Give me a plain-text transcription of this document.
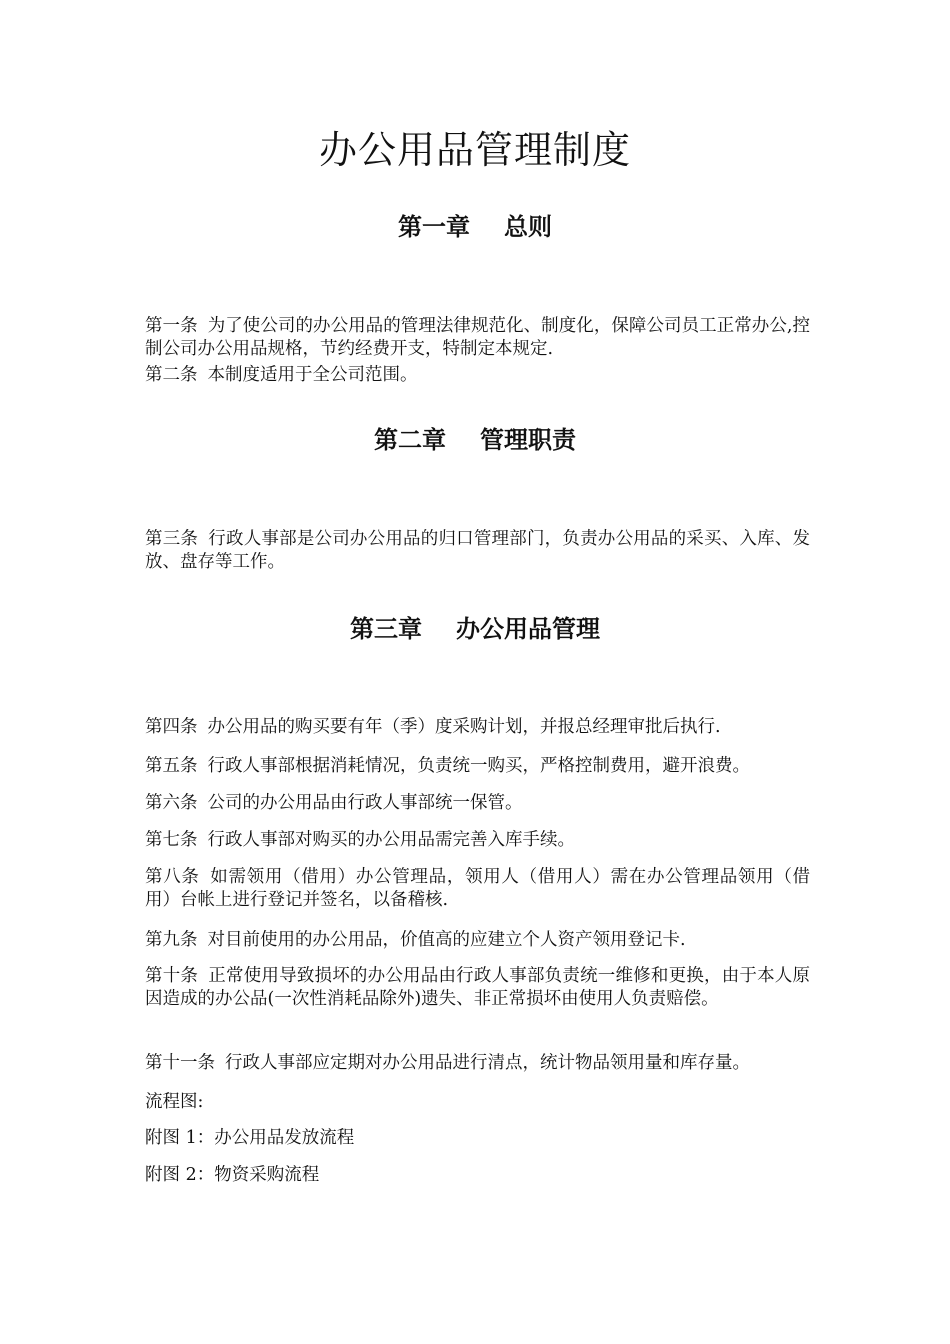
办公用品管理制度
第一章 总则

第一条 为了使公司的办公用品的管理法律规范化、制度化，保障公司员工正常办公,控制公司办公用品规格，节约经费开支，特制定本规定.

第二条 本制度适用于全公司范围。

第二章 管理职责

第三条 行政人事部是公司办公用品的归口管理部门，负责办公用品的采买、入库、发放、盘存等工作。

第三章 办公用品管理

第四条 办公用品的购买要有年（季）度采购计划，并报总经理审批后执行.

第五条 行政人事部根据消耗情况，负责统一购买，严格控制费用，避开浪费。

第六条 公司的办公用品由行政人事部统一保管。

第七条 行政人事部对购买的办公用品需完善入库手续。

第八条 如需领用（借用）办公管理品，领用人（借用人）需在办公管理品领用（借用）台帐上进行登记并签名，以备稽核.

第九条 对目前使用的办公用品，价值高的应建立个人资产领用登记卡.

第十条 正常使用导致损坏的办公用品由行政人事部负责统一维修和更换，由于本人原因造成的办公品(一次性消耗品除外)遗失、非正常损坏由使用人负责赔偿。

第十一条 行政人事部应定期对办公用品进行清点，统计物品领用量和库存量。

流程图:

附图 1：办公用品发放流程

附图 2：物资采购流程
